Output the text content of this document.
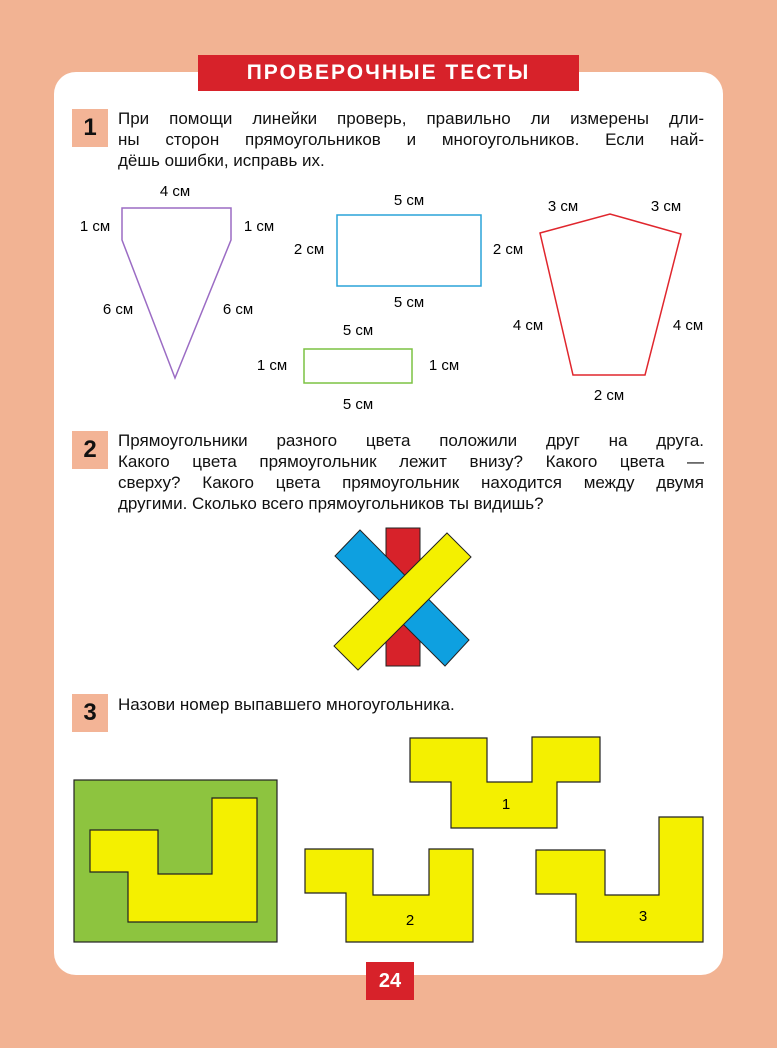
ПРОВЕРОЧНЫЕ ТЕСТЫ
1	При помощи линейки проверь, правильно ли измерены дли-
ны сторон прямоугольников и многоугольников. Если най-
дёшь ошибки, исправь их.
4 см
1 см	1 см
6 см	6 см
5 см
5 см
2 см	2 см
5 см
5 см
1 см	1 см
3 см	3 см
4 см	4 см
2 см
1
2	3
2	Прямоугольники разного цвета положили друг на друга.
Какого цвета прямоугольник лежит внизу? Какого цвета —
сверху? Какого цвета прямоугольник находится между двумя
другими. Сколько всего прямоугольников ты видишь?
3	Назови номер выпавшего многоугольника.
24
